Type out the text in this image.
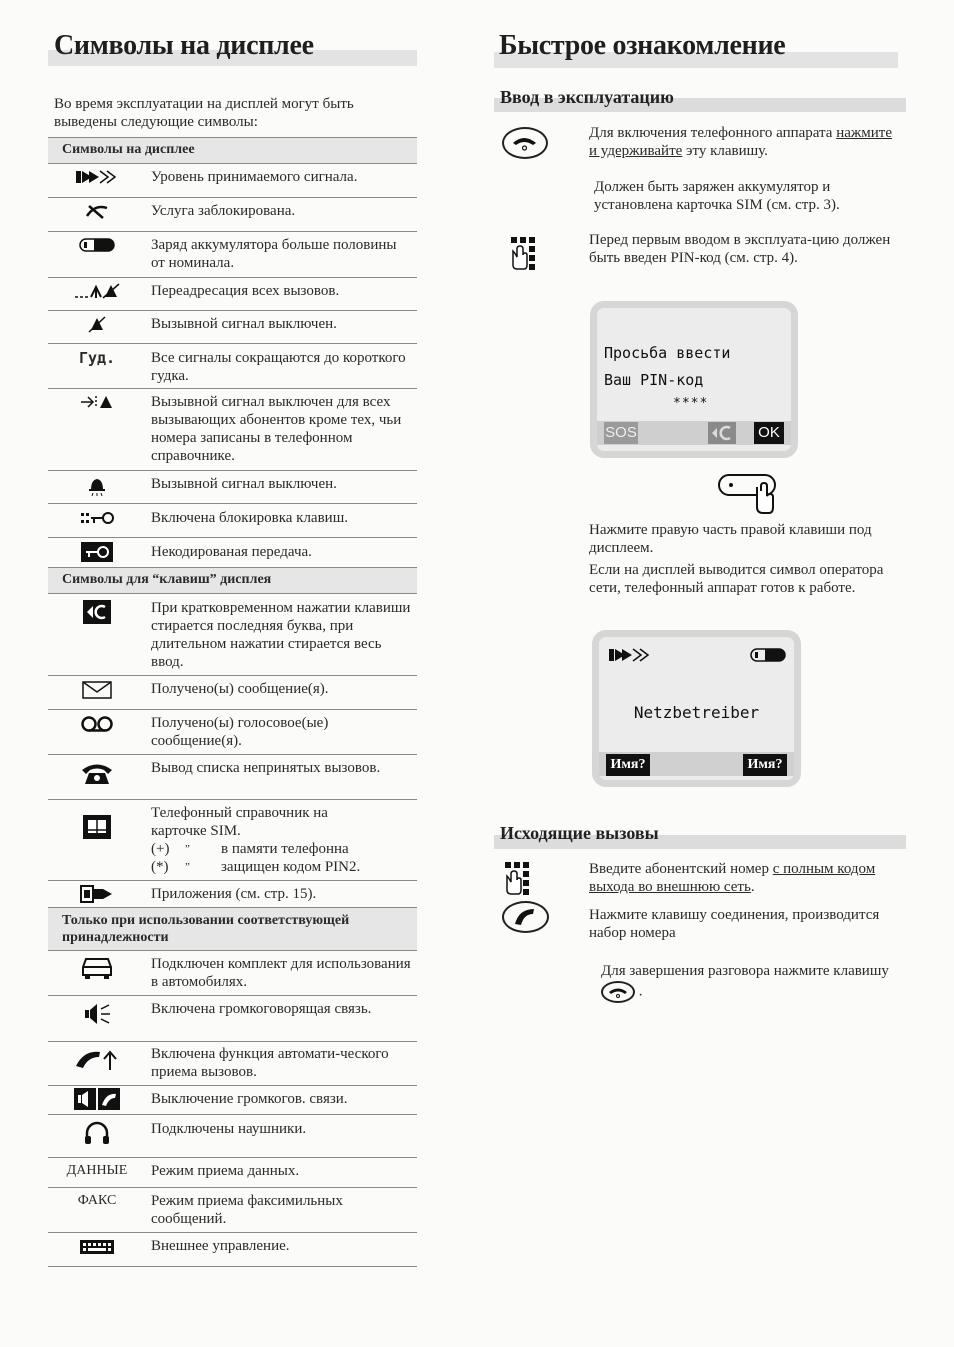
Символы на дисплее
Во время эксплуатации на дисплей могут быть выведены следующие символы:
Символы на дисплее
Уровень принимаемого сигнала.
Услуга заблокирована.
Заряд аккумулятора больше половины от номинала.
Переадресация всех вызовов.
Вызывной сигнал выключен.
Гуд.	Все сигналы сокращаются до короткого гудка.
Вызывной сигнал выключен для всех вызывающих абонентов кроме тех, чьи номера записаны в телефонном справочнике.
Вызывной сигнал выключен.
Включена блокировка клавиш.
Некодированая передача.
Символы для “клавиш” дисплея
При кратковременном нажатии клавиши стирается последняя буква, при длительном нажатии стирается весь ввод.
Получено(ы) сообщение(я).
Получено(ы) голосовое(ые) сообщение(я).
Вывод списка непринятых вызовов.
Телефонный справочник на
карточке SIM.
(+) ” в памяти телефонна
(*) ” защищен кодом PIN2.
Приложения (см. стр. 15).
Только при использовании соответствующей принадлежности
Подключен комплект для использования в автомобилях.
Включена громкоговорящая связь.
Включена функция автомати-ческого приема вызовов.
Выключение громкогов. связи.
Подключены наушники.
ДАННЫЕ	Режим приема данных.
ФАКС	Режим приема факсимильных сообщений.
Внешнее управление.
Быстрое ознакомление
Ввод в эксплуатацию
Для включения телефонного аппарата нажмите и удерживайте эту клавишу.
Должен быть заряжен аккумулятор и установлена карточка SIM (см. стр. 3).
Перед первым вводом в эксплуата-цию должен быть введен PIN-код (см. стр. 4).
Просьба ввести
Ваш PIN-код
****
SOS	OK
Нажмите правую часть правой клавиши под дисплеем.
Если на дисплей выводится символ оператора сети, телефонный аппарат готов к работе.
Netzbetreiber
Имя?	Имя?
Исходящие вызовы
Введите абонентский номер с полным кодом выхода во внешнюю сеть.
Нажмите клавишу соединения, производится набор номера
Для завершения разговора нажмите клавишу
.
